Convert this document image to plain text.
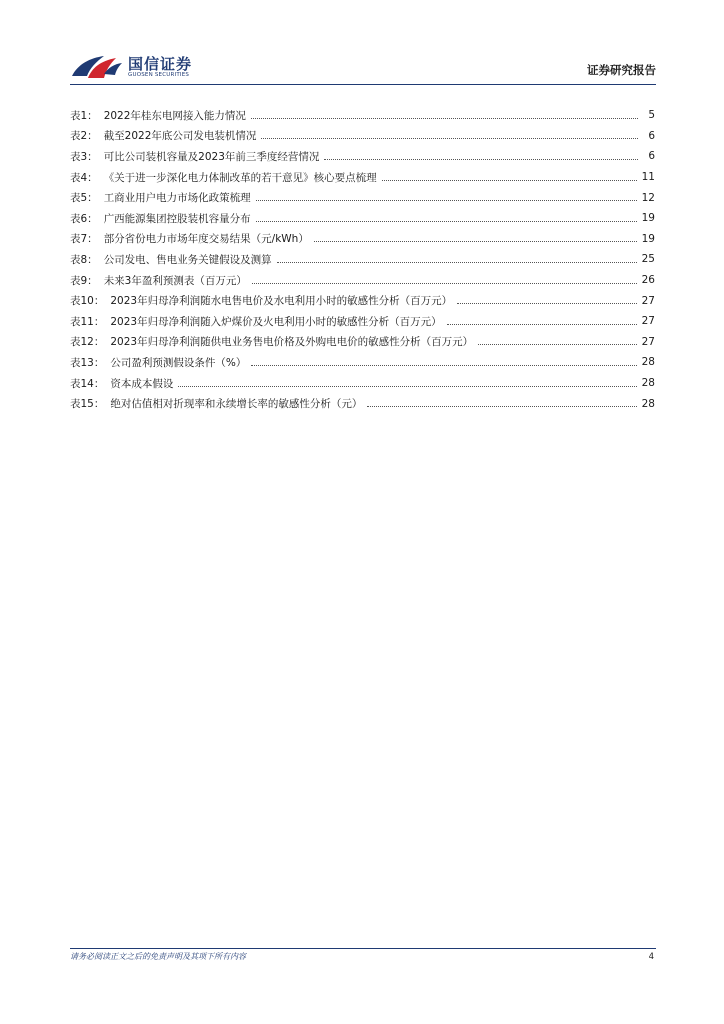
国信证券
GUOSEN SECURITIES	证券研究报告
表1： 2022年桂东电网接入能力情况	5
表2： 截至2022年底公司发电装机情况	6
表3： 可比公司装机容量及2023年前三季度经营情况	6
表4： 《关于进一步深化电力体制改革的若干意见》核心要点梳理	11
表5： 工商业用户电力市场化政策梳理	12
表6： 广西能源集团控股装机容量分布	19
表7： 部分省份电力市场年度交易结果（元/kWh）	19
表8： 公司发电、售电业务关键假设及测算	25
表9： 未来3年盈利预测表（百万元）	26
表10： 2023年归母净利润随水电售电价及水电利用小时的敏感性分析（百万元）	27
表11： 2023年归母净利润随入炉煤价及火电利用小时的敏感性分析（百万元）	27
表12： 2023年归母净利润随供电业务售电价格及外购电电价的敏感性分析（百万元）	27
表13： 公司盈利预测假设条件（%）	28
表14： 资本成本假设	28
表15： 绝对估值相对折现率和永续增长率的敏感性分析（元）	28
请务必阅读正文之后的免责声明及其项下所有内容	4
